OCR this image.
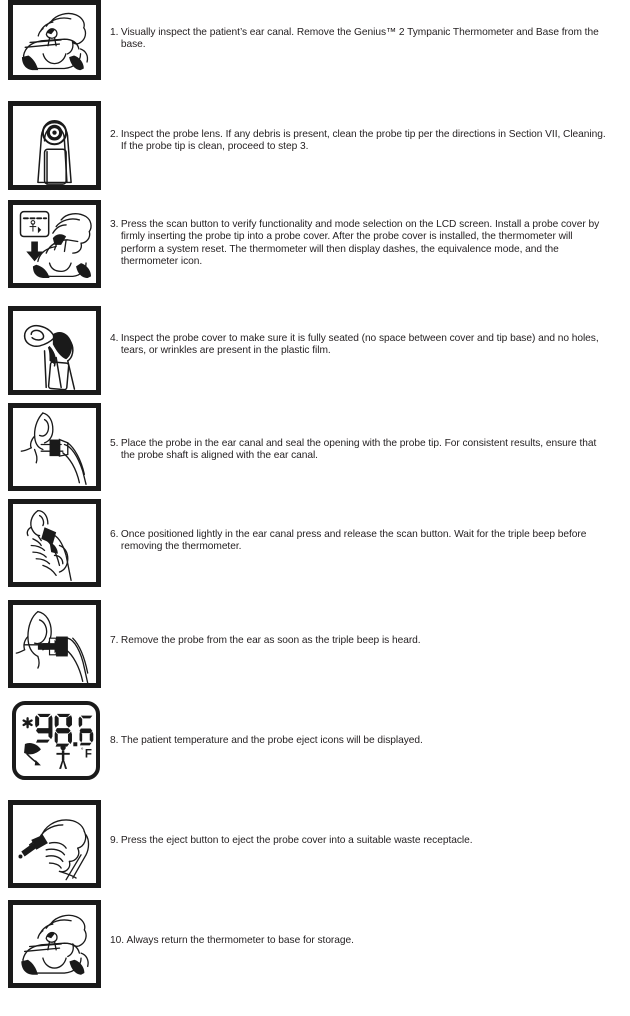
1. Visually inspect the patient’s ear canal. Remove the Genius™ 2 Tympanic Thermometer and Base from the base.
2. Inspect the probe lens. If any debris is present, clean the probe tip per the directions in Section VII, Cleaning. If the probe tip is clean, proceed to step 3.
3. Press the scan button to verify functionality and mode selection on the LCD screen. Install a probe cover by firmly inserting the probe tip into a probe cover. After the probe cover is installed, the thermometer will perform a system reset. The thermometer will then display dashes, the equivalence mode, and the thermometer icon.
4. Inspect the probe cover to make sure it is fully seated (no space between cover and tip base) and no holes, tears, or wrinkles are present in the plastic film.
5. Place the probe in the ear canal and seal the opening with the probe tip. For consistent results, ensure that the probe shaft is aligned with the ear canal.
6. Once positioned lightly in the ear canal press and release the scan button. Wait for the triple beep before removing the thermometer.
7. Remove the probe from the ear as soon as the triple beep is heard.
° F
8. The patient temperature and the probe eject icons will be displayed.
9. Press the eject button to eject the probe cover into a suitable waste receptacle.
10. Always return the thermometer to base for storage.
